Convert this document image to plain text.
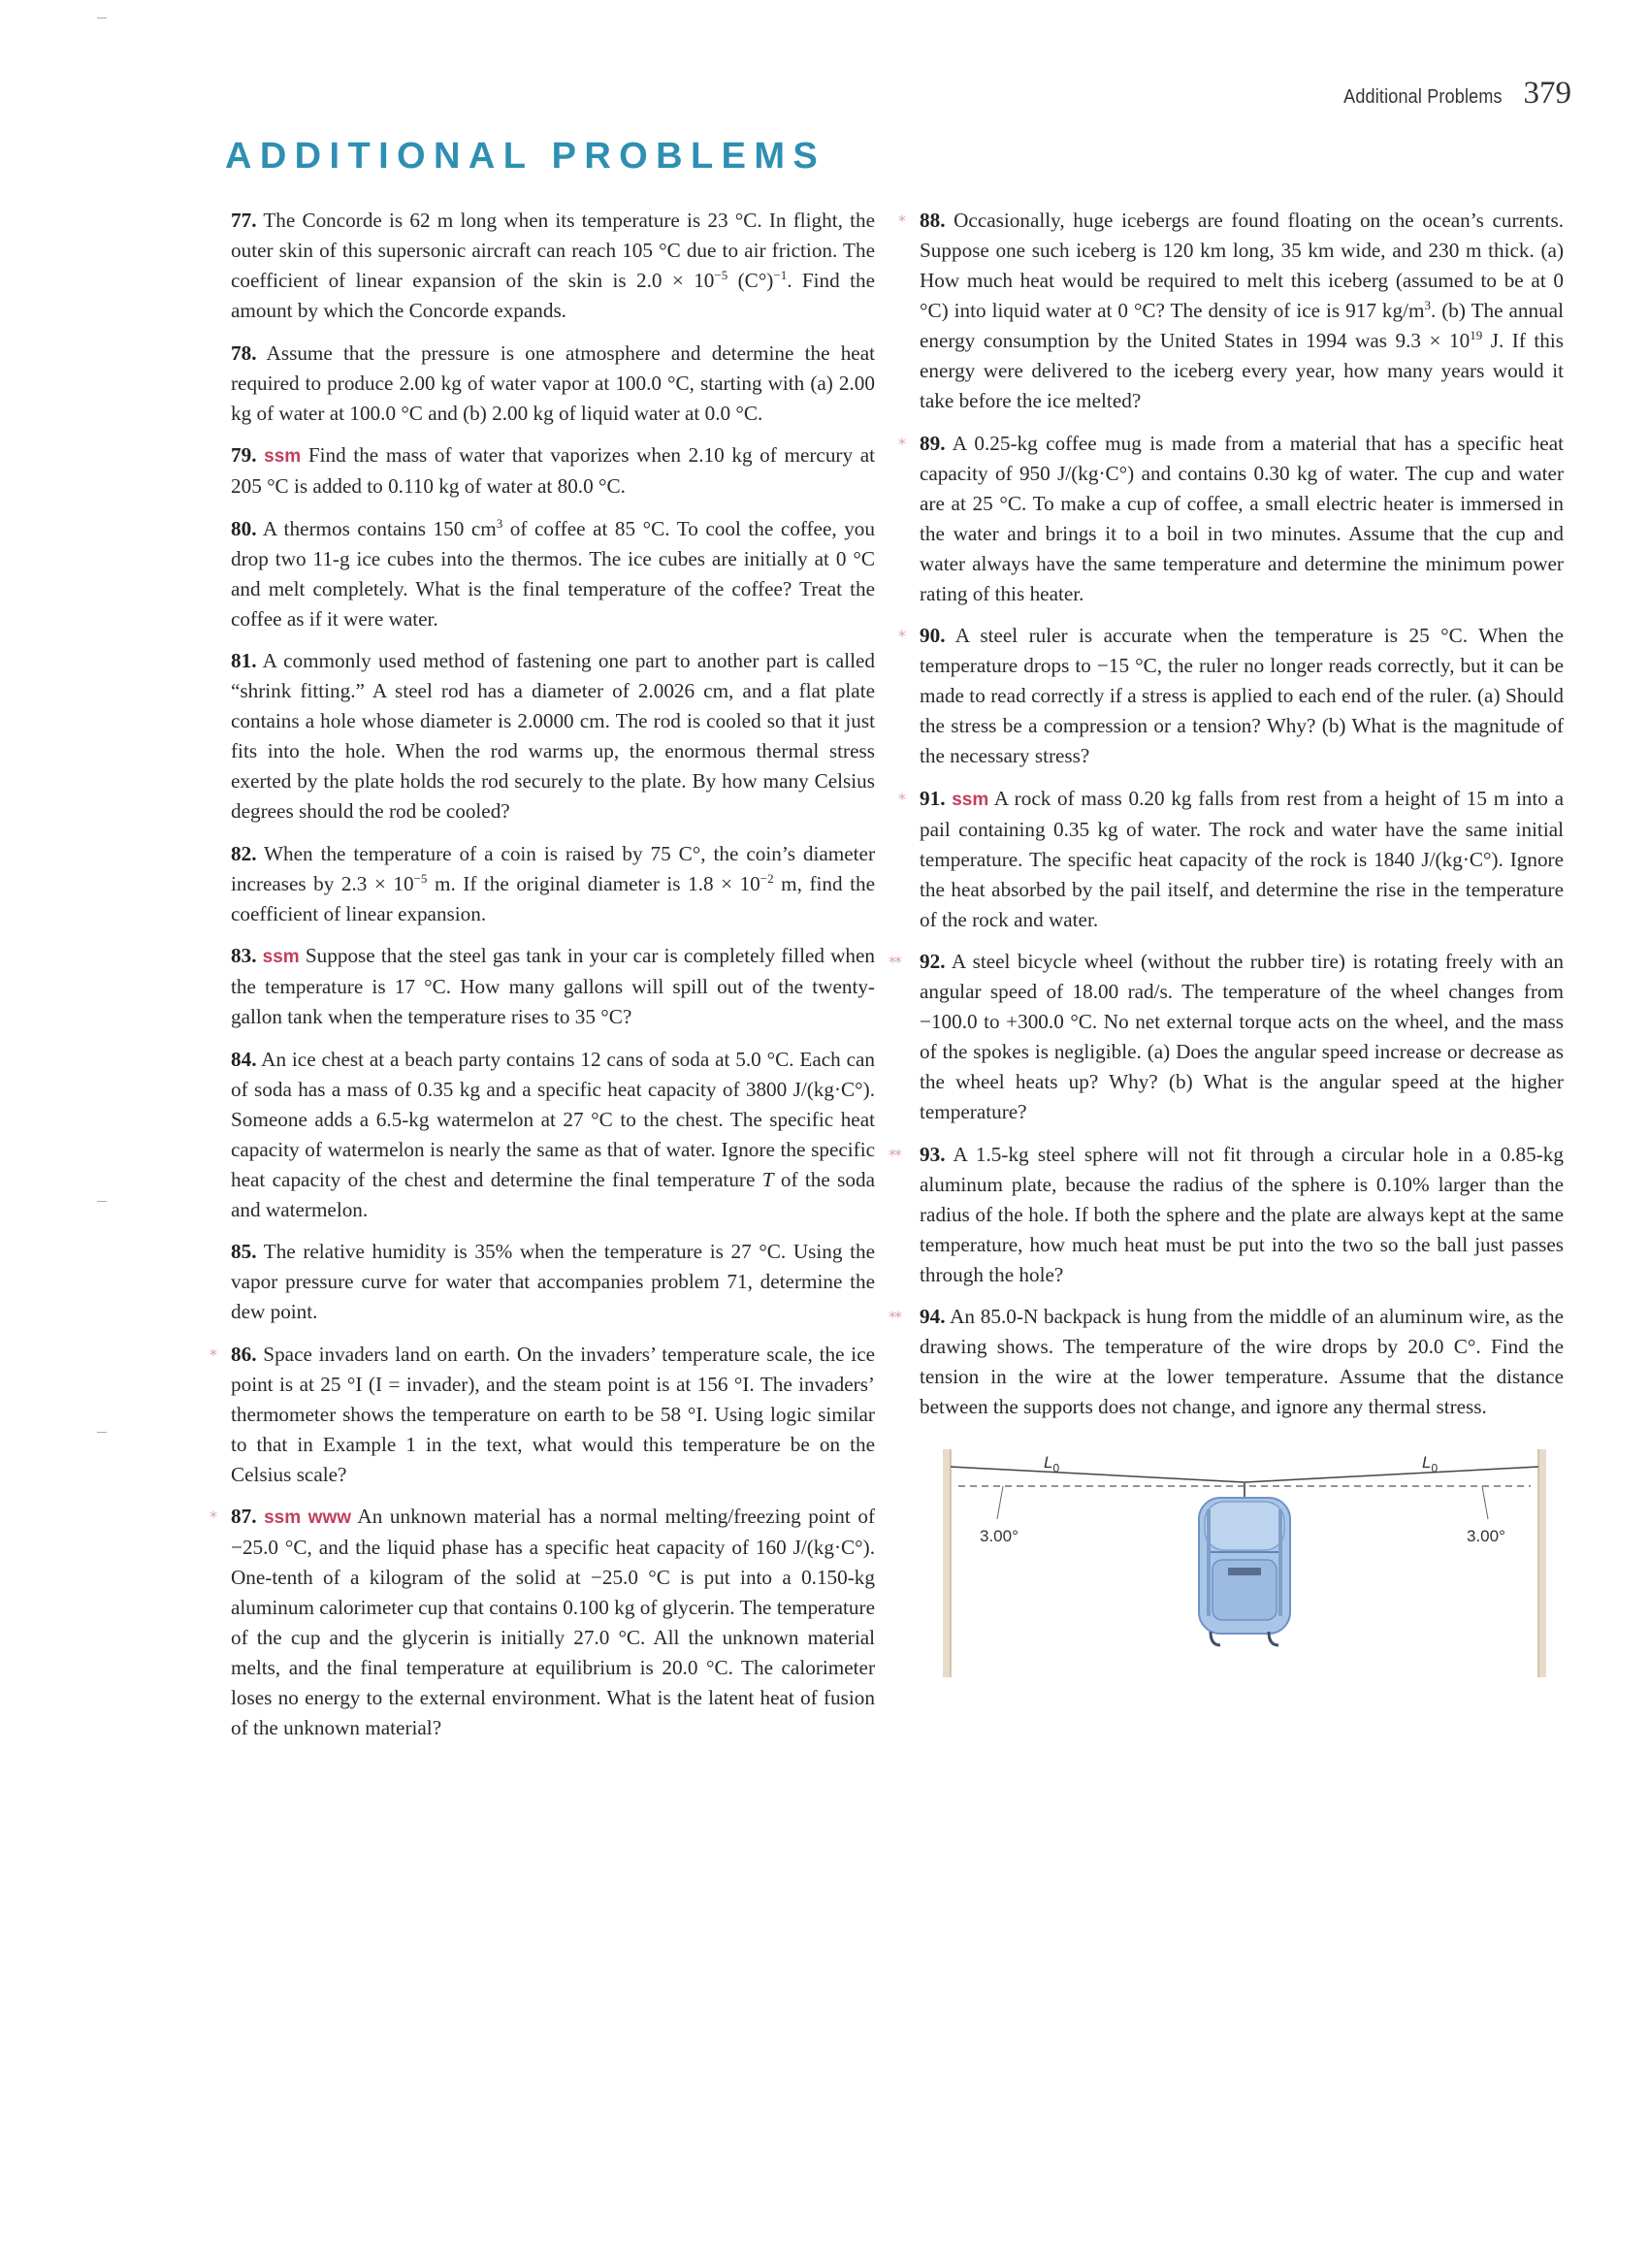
Additional Problems 379
ADDITIONAL PROBLEMS

77. The Concorde is 62 m long when its temperature is 23 °C. In flight, the outer skin of this supersonic aircraft can reach 105 °C due to air friction. The coefficient of linear expansion of the skin is $2.0 \times 10^{-5}$ $(C^\circ)^{-1}$. Find the amount by which the Concorde expands.

78. Assume that the pressure is one atmosphere and determine the heat required to produce 2.00 kg of water vapor at 100.0 °C, starting with (a) 2.00 kg of water at 100.0 °C and (b) 2.00 kg of liquid water at 0.0 °C.

79. ssm Find the mass of water that vaporizes when 2.10 kg of mercury at 205 °C is added to 0.110 kg of water at 80.0 °C.

80. A thermos contains 150 $cm^3$ of coffee at 85 °C. To cool the coffee, you drop two 11-g ice cubes into the thermos. The ice cubes are initially at 0 °C and melt completely. What is the final temperature of the coffee? Treat the coffee as if it were water.

81. A commonly used method of fastening one part to another part is called “shrink fitting.” A steel rod has a diameter of 2.0026 cm, and a flat plate contains a hole whose diameter is 2.0000 cm. The rod is cooled so that it just fits into the hole. When the rod warms up, the enormous thermal stress exerted by the plate holds the rod securely to the plate. By how many Celsius degrees should the rod be cooled?

82. When the temperature of a coin is raised by 75 C°, the coin’s diameter increases by $2.3 \times 10^{-5}$ m. If the original diameter is $1.8 \times 10^{-2}$ m, find the coefficient of linear expansion.

83. ssm Suppose that the steel gas tank in your car is completely filled when the temperature is 17 °C. How many gallons will spill out of the twenty-gallon tank when the temperature rises to 35 °C?

84. An ice chest at a beach party contains 12 cans of soda at 5.0 °C. Each can of soda has a mass of 0.35 kg and a specific heat capacity of 3800 J/(kg·C°). Someone adds a 6.5-kg watermelon at 27 °C to the chest. The specific heat capacity of watermelon is nearly the same as that of water. Ignore the specific heat capacity of the chest and determine the final temperature T of the soda and watermelon.

85. The relative humidity is 35% when the temperature is 27 °C. Using the vapor pressure curve for water that accompanies problem 71, determine the dew point.

* 86. Space invaders land on earth. On the invaders’ temperature scale, the ice point is at 25 °I (I = invader), and the steam point is at 156 °I. The invaders’ thermometer shows the temperature on earth to be 58 °I. Using logic similar to that in Example 1 in the text, what would this temperature be on the Celsius scale?

* 87. ssm www An unknown material has a normal melting/freezing point of −25.0 °C, and the liquid phase has a specific heat capacity of 160 J/(kg·C°). One-tenth of a kilogram of the solid at −25.0 °C is put into a 0.150-kg aluminum calorimeter cup that contains 0.100 kg of glycerin. The temperature of the cup and the glycerin is initially 27.0 °C. All the unknown material melts, and the final temperature at equilibrium is 20.0 °C. The calorimeter loses no energy to the external environment. What is the latent heat of fusion of the unknown material?

* 88. Occasionally, huge icebergs are found floating on the ocean’s currents. Suppose one such iceberg is 120 km long, 35 km wide, and 230 m thick. (a) How much heat would be required to melt this iceberg (assumed to be at 0 °C) into liquid water at 0 °C? The density of ice is 917 $kg/m^3$. (b) The annual energy consumption by the United States in 1994 was $9.3 \times 10^{19}$ J. If this energy were delivered to the iceberg every year, how many years would it take before the ice melted?

* 89. A 0.25-kg coffee mug is made from a material that has a specific heat capacity of 950 J/(kg·C°) and contains 0.30 kg of water. The cup and water are at 25 °C. To make a cup of coffee, a small electric heater is immersed in the water and brings it to a boil in two minutes. Assume that the cup and water always have the same temperature and determine the minimum power rating of this heater.

* 90. A steel ruler is accurate when the temperature is 25 °C. When the temperature drops to −15 °C, the ruler no longer reads correctly, but it can be made to read correctly if a stress is applied to each end of the ruler. (a) Should the stress be a compression or a tension? Why? (b) What is the magnitude of the necessary stress?

* 91. ssm A rock of mass 0.20 kg falls from rest from a height of 15 m into a pail containing 0.35 kg of water. The rock and water have the same initial temperature. The specific heat capacity of the rock is 1840 J/(kg·C°). Ignore the heat absorbed by the pail itself, and determine the rise in the temperature of the rock and water.

** 92. A steel bicycle wheel (without the rubber tire) is rotating freely with an angular speed of 18.00 rad/s. The temperature of the wheel changes from −100.0 to +300.0 °C. No net external torque acts on the wheel, and the mass of the spokes is negligible. (a) Does the angular speed increase or decrease as the wheel heats up? Why? (b) What is the angular speed at the higher temperature?

** 93. A 1.5-kg steel sphere will not fit through a circular hole in a 0.85-kg aluminum plate, because the radius of the sphere is 0.10% larger than the radius of the hole. If both the sphere and the plate are always kept at the same temperature, how much heat must be put into the two so the ball just passes through the hole?

** 94. An 85.0-N backpack is hung from the middle of an aluminum wire, as the drawing shows. The temperature of the wire drops by 20.0 C°. Find the tension in the wire at the lower temperature. Assume that the distance between the supports does not change, and ignore any thermal stress.

$L_0$	$L_0$
3.00°	3.00°
